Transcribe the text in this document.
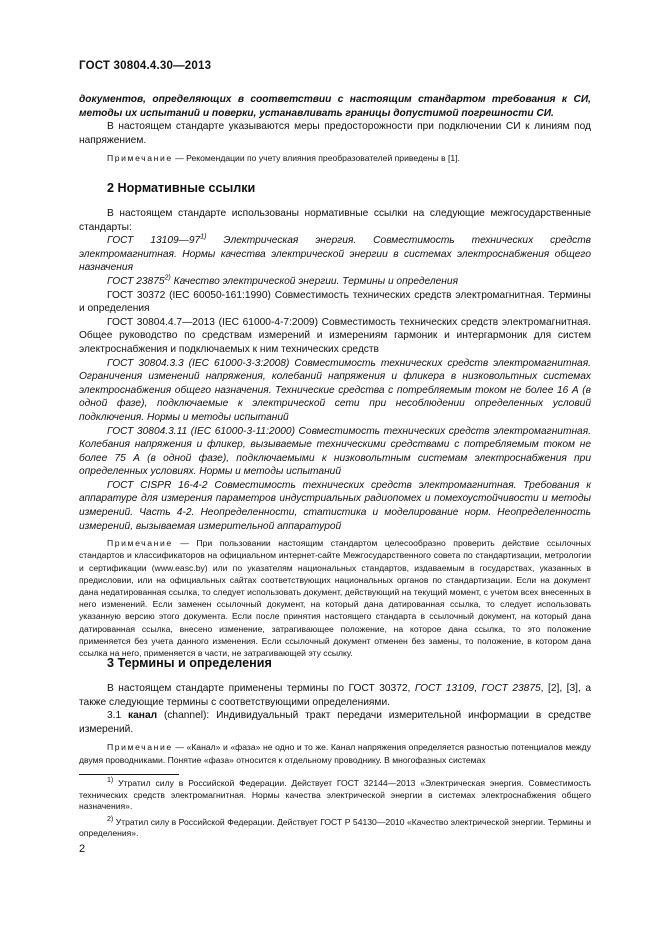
ГОСТ 30804.4.30—2013

документов, определяющих в соответствии с настоящим стандартом требования к СИ, методы их испытаний и поверки, устанавливать границы допустимой погрешности СИ.

В настоящем стандарте указываются меры предосторожности при подключении СИ к линиям под напряжением.

Примечание — Рекомендации по учету влияния преобразователей приведены в [1].

2 Нормативные ссылки

В настоящем стандарте использованы нормативные ссылки на следующие межгосударственные стандарты:

ГОСТ 13109—97$^{1)}$ Электрическая энергия. Совместимость технических средств электромагнитная. Нормы качества электрической энергии в системах электроснабжения общего назначения

ГОСТ 23875$^{2)}$ Качество электрической энергии. Термины и определения

ГОСТ 30372 (IEC 60050-161:1990) Совместимость технических средств электромагнитная. Термины и определения

ГОСТ 30804.4.7—2013 (IEC 61000-4-7:2009) Совместимость технических средств электромагнитная. Общее руководство по средствам измерений и измерениям гармоник и интергармоник для систем электроснабжения и подключаемых к ним технических средств

ГОСТ 30804.3.3 (IEC 61000-3-3:2008) Совместимость технических средств электромагнитная. Ограничения изменений напряжения, колебаний напряжения и фликера в низковольтных системах электроснабжения общего назначения. Технические средства с потребляемым током не более 16 А (в одной фазе), подключаемые к электрической сети при несоблюдении определенных условий подключения. Нормы и методы испытаний

ГОСТ 30804.3.11 (IEC 61000-3-11:2000) Совместимость технических средств электромагнитная. Колебания напряжения и фликер, вызываемые техническими средствами с потребляемым током не более 75 А (в одной фазе), подключаемыми к низковольтным системам электроснабжения при определенных условиях. Нормы и методы испытаний

ГОСТ CISPR 16-4-2 Совместимость технических средств электромагнитная. Требования к аппаратуре для измерения параметров индустриальных радиопомех и помехоустойчивости и методы измерений. Часть 4-2. Неопределенности, статистика и моделирование норм. Неопределенность измерений, вызываемая измерительной аппаратурой

Примечание — При пользовании настоящим стандартом целесообразно проверить действие ссылочных стандартов и классификаторов на официальном интернет-сайте Межгосударственного совета по стандартизации, метрологии и сертификации (www.easc.by) или по указателям национальных стандартов, издаваемым в государствах, указанных в предисловии, или на официальных сайтах соответствующих национальных органов по стандартизации. Если на документ дана недатированная ссылка, то следует использовать документ, действующий на текущий момент, с учетом всех внесенных в него изменений. Если заменен ссылочный документ, на который дана датированная ссылка, то следует использовать указанную версию этого документа. Если после принятия настоящего стандарта в ссылочный документ, на который дана датированная ссылка, внесено изменение, затрагивающее положение, на которое дана ссылка, то это положение применяется без учета данного изменения. Если ссылочный документ отменен без замены, то положение, в котором дана ссылка на него, применяется в части, не затрагивающей эту ссылку.

3 Термины и определения

В настоящем стандарте применены термины по ГОСТ 30372, ГОСТ 13109, ГОСТ 23875, [2], [3], а также следующие термины с соответствующими определениями.

3.1 канал (channel): Индивидуальный тракт передачи измерительной информации в средстве измерений.

Примечание — «Канал» и «фаза» не одно и то же. Канал напряжения определяется разностью потенциалов между двумя проводниками. Понятие «фаза» относится к отдельному проводнику. В многофазных системах

$^{1)}$ Утратил силу в Российской Федерации. Действует ГОСТ 32144—2013 «Электрическая энергия. Совместимость технических средств электромагнитная. Нормы качества электрической энергии в системах электроснабжения общего назначения».

$^{2)}$ Утратил силу в Российской Федерации. Действует ГОСТ Р 54130—2010 «Качество электрической энергии. Термины и определения».

2
